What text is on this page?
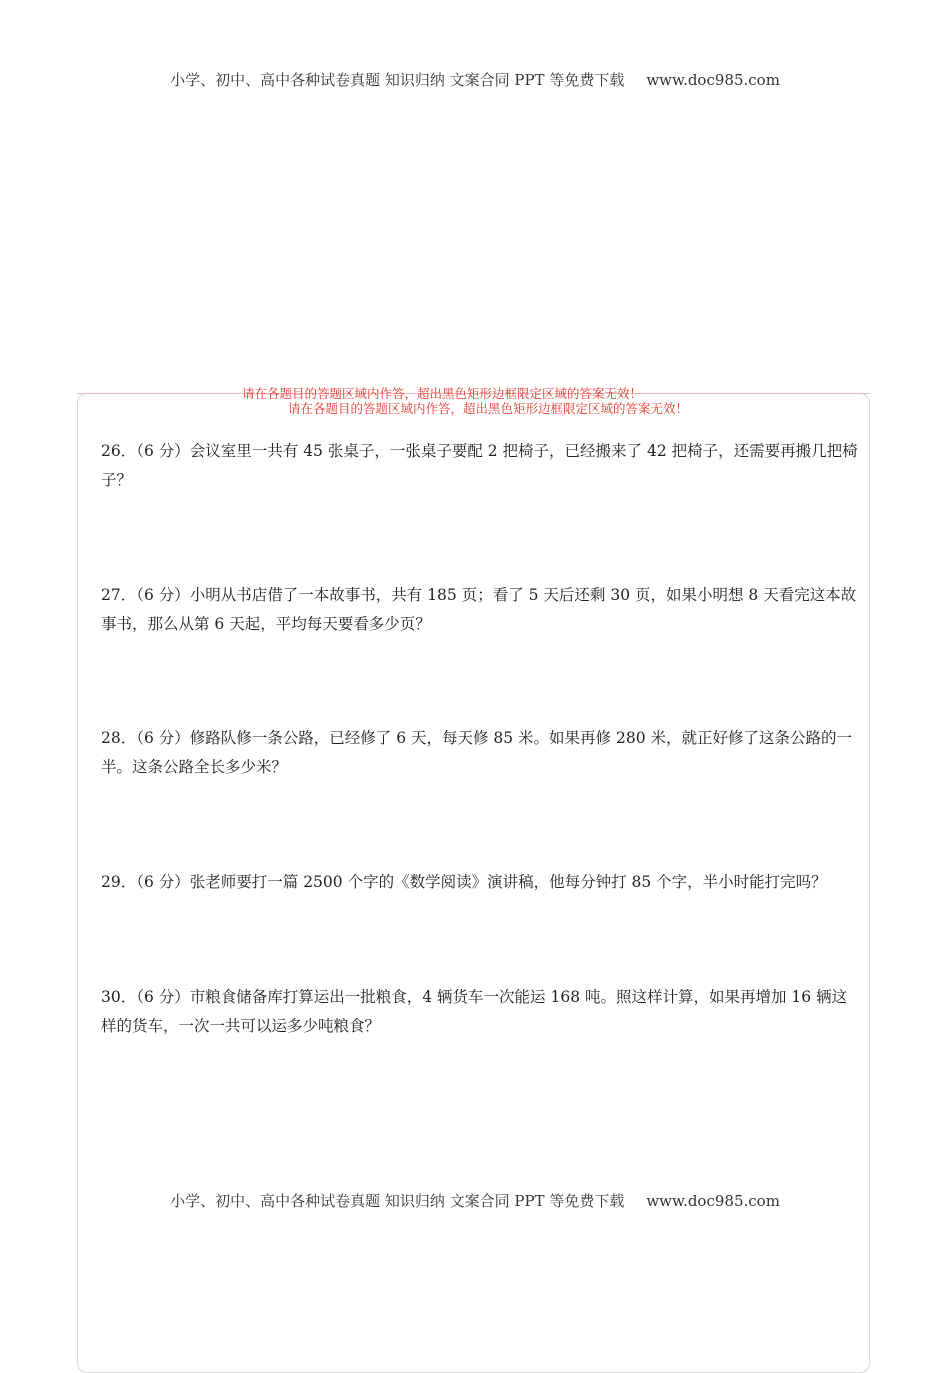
小学、初中、高中各种试卷真题 知识归纳 文案合同 PPT 等免费下载 www.doc985.com
请在各题目的答题区域内作答，超出黑色矩形边框限定区域的答案无效！
请在各题目的答题区域内作答，超出黑色矩形边框限定区域的答案无效！
26．（6 分）会议室里一共有 45 张桌子，一张桌子要配 2 把椅子，已经搬来了 42 把椅子，还需要再搬几把椅子？
27．（6 分）小明从书店借了一本故事书，共有 185 页；看了 5 天后还剩 30 页，如果小明想 8 天看完这本故事书，那么从第 6 天起，平均每天要看多少页？
28．（6 分）修路队修一条公路，已经修了 6 天，每天修 85 米。如果再修 280 米，就正好修了这条公路的一半。这条公路全长多少米？
29．（6 分）张老师要打一篇 2500 个字的《数学阅读》演讲稿，他每分钟打 85 个字，半小时能打完吗？
30．（6 分）市粮食储备库打算运出一批粮食，4 辆货车一次能运 168 吨。照这样计算，如果再增加 16 辆这样的货车，一次一共可以运多少吨粮食？
小学、初中、高中各种试卷真题 知识归纳 文案合同 PPT 等免费下载 www.doc985.com
